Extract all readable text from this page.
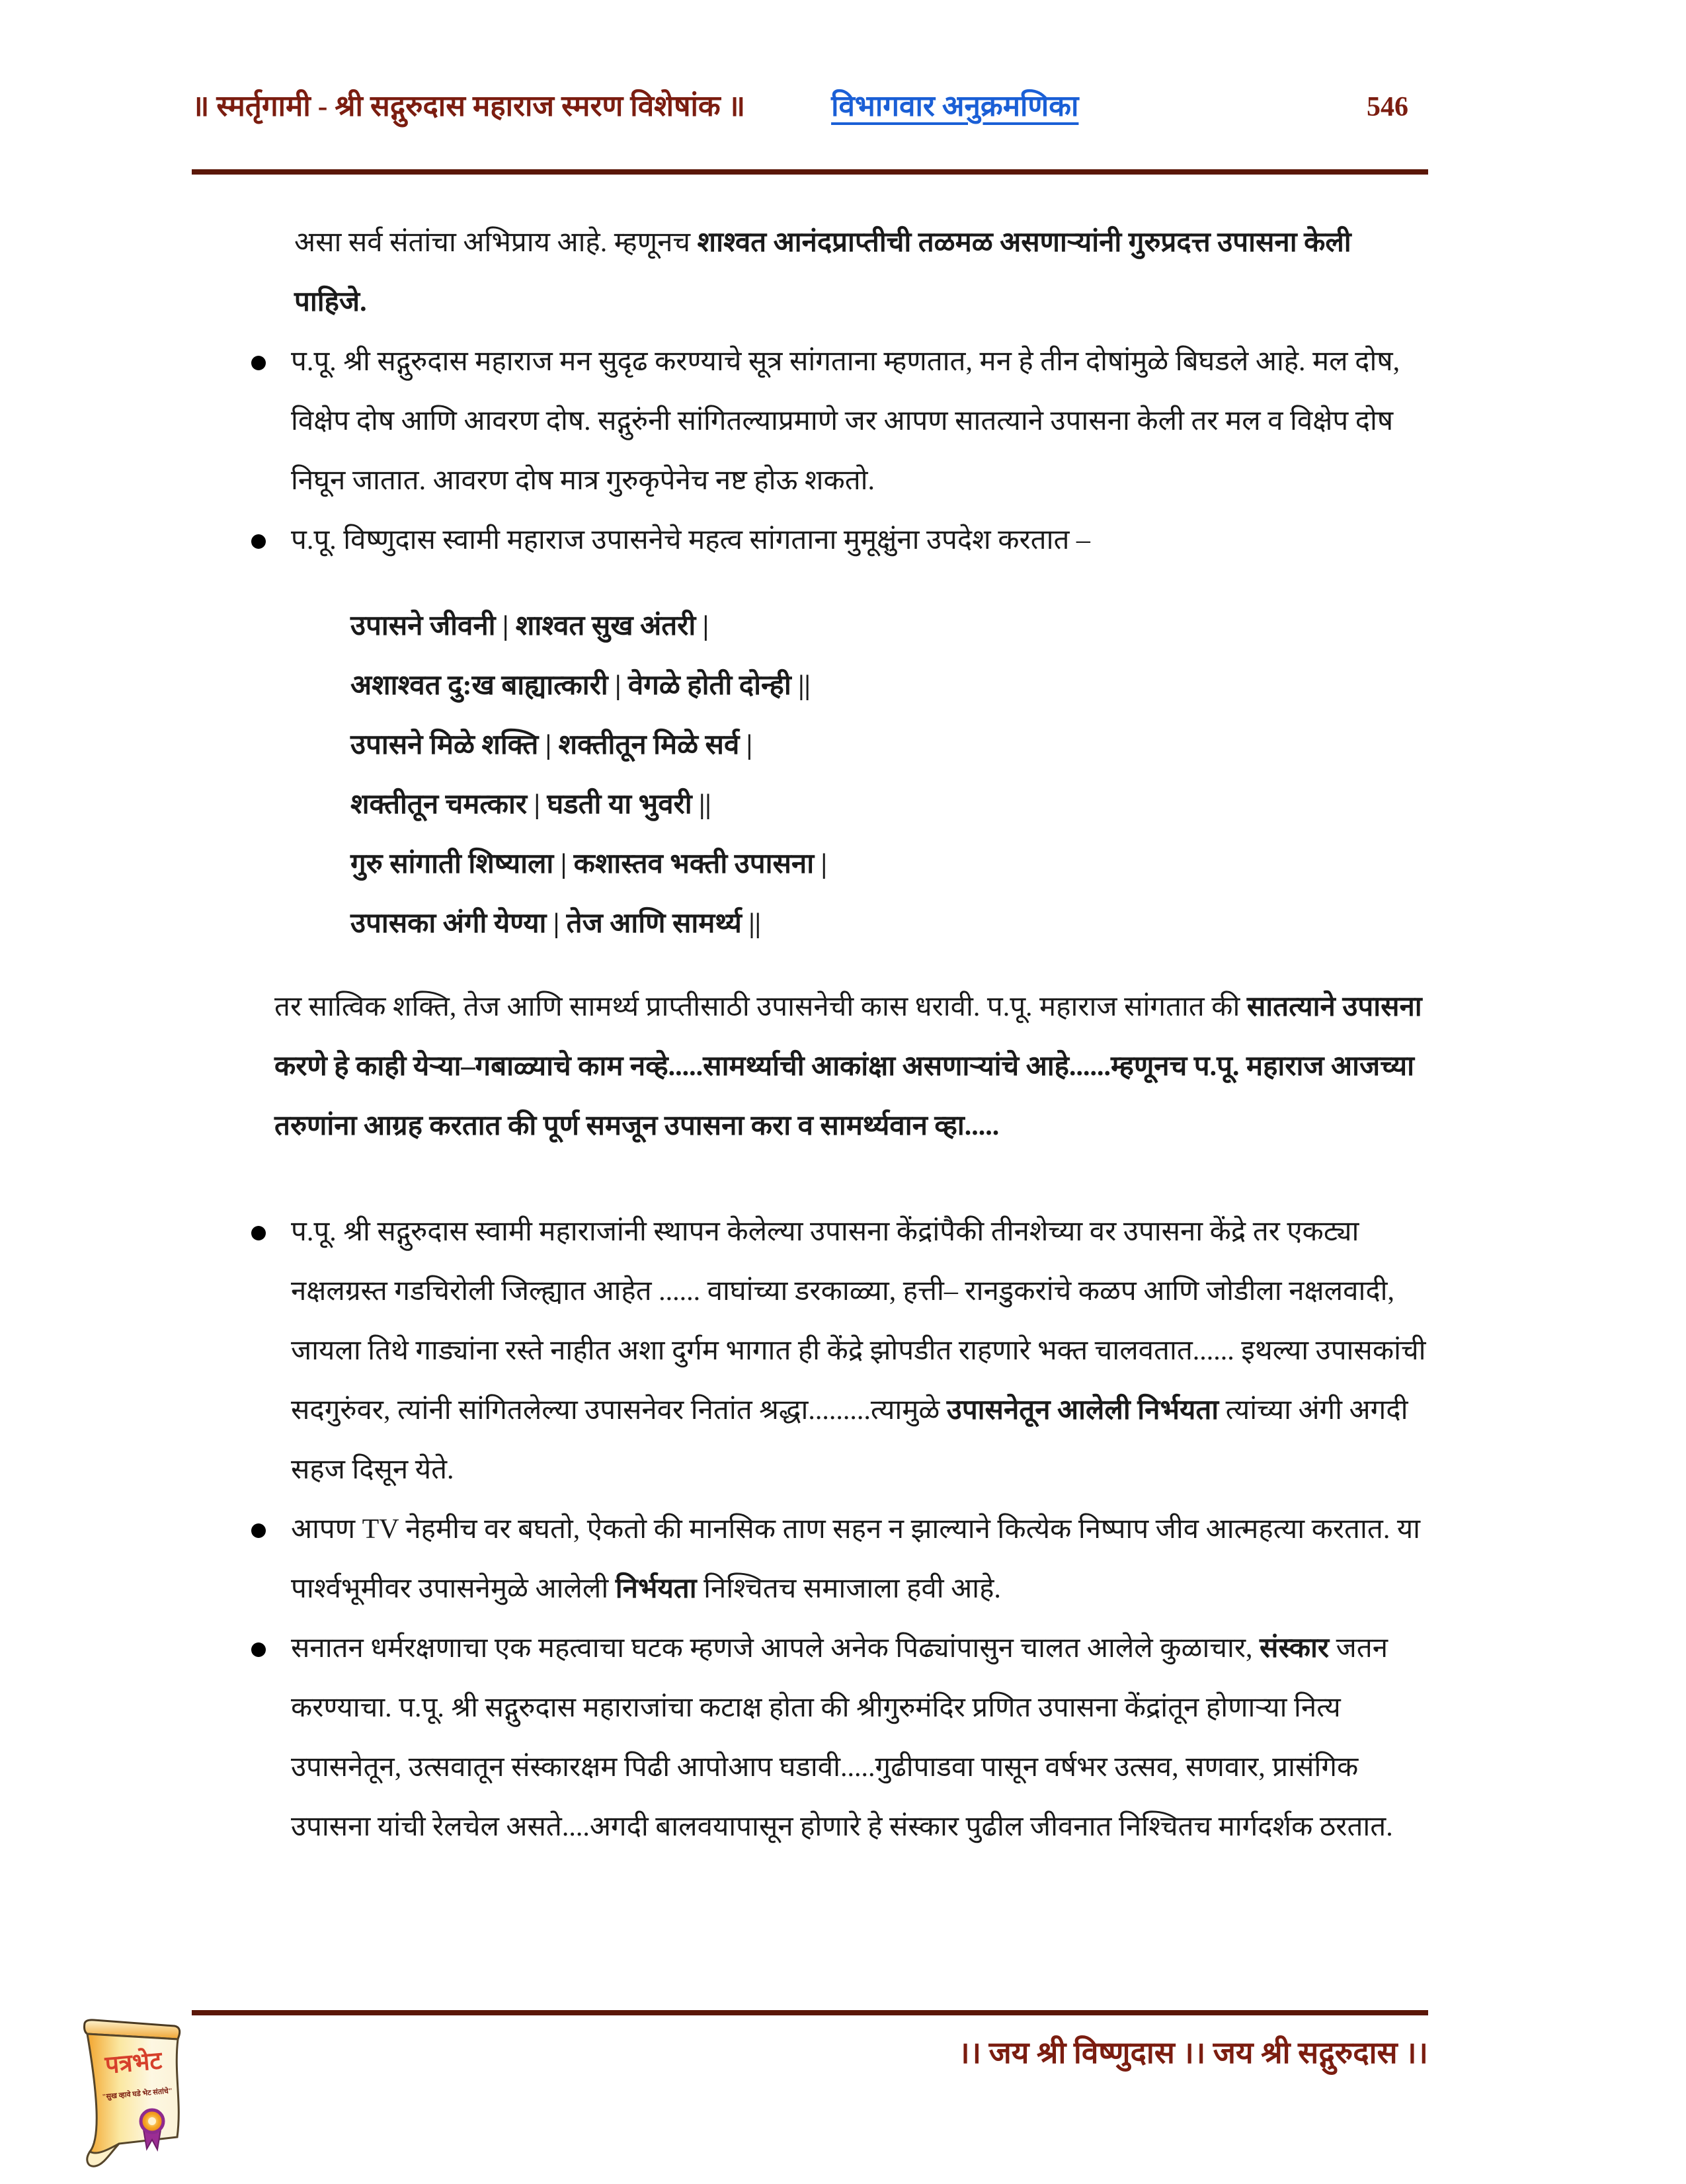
॥ स्मर्तृगामी - श्री सद्गुरुदास महाराज स्मरण विशेषांक ॥	विभागवार अनुक्रमणिका	546
असा सर्व संतांचा अभिप्राय आहे. म्हणूनच शाश्वत आनंदप्राप्तीची तळमळ असणाऱ्यांनी गुरुप्रदत्त उपासना केली पाहिजे.
प.पू. श्री सद्गुरुदास महाराज मन सुदृढ करण्याचे सूत्र सांगताना म्हणतात, मन हे तीन दोषांमुळे बिघडले आहे. मल दोष, विक्षेप दोष आणि आवरण दोष. सद्गुरुंनी सांगितल्याप्रमाणे जर आपण सातत्याने उपासना केली तर मल व विक्षेप दोष निघून जातात. आवरण दोष मात्र गुरुकृपेनेच नष्ट होऊ शकतो.
प.पू. विष्णुदास स्वामी महाराज उपासनेचे महत्व सांगताना मुमूक्षुंना उपदेश करतात –
उपासने जीवनी | शाश्वत सुख अंतरी |
अशाश्वत दु:ख बाह्यात्कारी | वेगळे होती दोन्ही ||
उपासने मिळे शक्ति | शक्तीतून मिळे सर्व |
शक्तीतून चमत्कार | घडती या भुवरी ||
गुरु सांगाती शिष्याला | कशास्तव भक्ती उपासना |
उपासका अंगी येण्या | तेज आणि सामर्थ्य ||
तर सात्विक शक्ति, तेज आणि सामर्थ्य प्राप्तीसाठी उपासनेची कास धरावी. प.पू. महाराज सांगतात की सातत्याने उपासना करणे हे काही येऱ्या–गबाळ्याचे काम नव्हे.....सामर्थ्याची आकांक्षा असणाऱ्यांचे आहे......म्हणूनच प.पू. महाराज आजच्या तरुणांना आग्रह करतात की पूर्ण समजून उपासना करा व सामर्थ्यवान व्हा.....
प.पू. श्री सद्गुरुदास स्वामी महाराजांनी स्थापन केलेल्या उपासना केंद्रांपैकी तीनशेच्या वर उपासना केंद्रे तर एकट्या नक्षलग्रस्त गडचिरोली जिल्ह्यात आहेत ...... वाघांच्या डरकाळ्या, हत्ती– रानडुकरांचे कळप आणि जोडीला नक्षलवादी, जायला तिथे गाड्यांना रस्ते नाहीत अशा दुर्गम भागात ही केंद्रे झोपडीत राहणारे भक्त चालवतात...... इथल्या उपासकांची सदगुरुंवर, त्यांनी सांगितलेल्या उपासनेवर नितांत श्रद्धा.........त्यामुळे उपासनेतून आलेली निर्भयता त्यांच्या अंगी अगदी सहज दिसून येते.
आपण TV नेहमीच वर बघतो, ऐकतो की मानसिक ताण सहन न झाल्याने कित्येक निष्पाप जीव आत्महत्या करतात. या पार्श्वभूमीवर उपासनेमुळे आलेली निर्भयता निश्चितच समाजाला हवी आहे.
सनातन धर्मरक्षणाचा एक महत्वाचा घटक म्हणजे आपले अनेक पिढ्यांपासुन चालत आलेले कुळाचार, संस्कार जतन करण्याचा. प.पू. श्री सद्गुरुदास महाराजांचा कटाक्ष होता की श्रीगुरुमंदिर प्रणित उपासना केंद्रांतून होणाऱ्या नित्य उपासनेतून, उत्सवातून संस्कारक्षम पिढी आपोआप घडावी.....गुढीपाडवा पासून वर्षभर उत्सव, सणवार, प्रासंगिक उपासना यांची रेलचेल असते....अगदी बालवयापासून होणारे हे संस्कार पुढील जीवनात निश्चितच मार्गदर्शक ठरतात.
।। जय श्री विष्णुदास ।। जय श्री सद्गुरुदास ।।
पत्रभेट
"सुख व्हावे घडे भेट संतांचे"
